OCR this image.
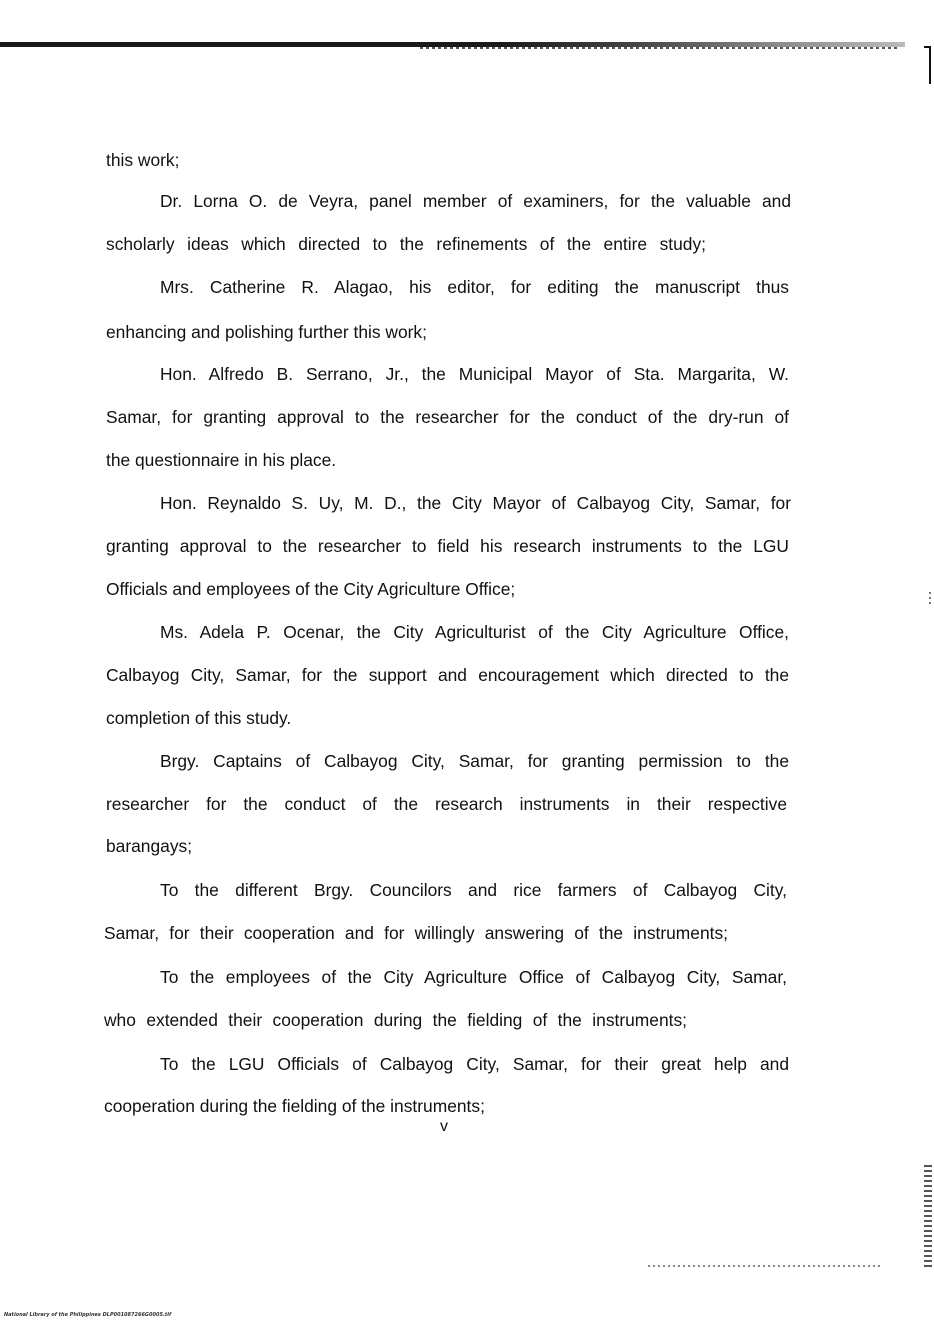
this work;

Dr. Lorna O. de Veyra, panel member of examiners, for the valuable and

scholarly ideas which directed to the refinements of the entire study;

Mrs. Catherine R. Alagao, his editor, for editing the manuscript thus

enhancing and polishing further this work;

Hon. Alfredo B. Serrano, Jr., the Municipal Mayor of Sta. Margarita, W.

Samar, for granting approval to the researcher for the conduct of the dry-run of

the questionnaire in his place.

Hon. Reynaldo S. Uy, M. D., the City Mayor of Calbayog City, Samar, for

granting approval to the researcher to field his research instruments to the LGU

Officials and employees of the City Agriculture Office;

Ms. Adela P. Ocenar, the City Agriculturist of the City Agriculture Office,

Calbayog City, Samar, for the support and encouragement which directed to the

completion of this study.

Brgy. Captains of Calbayog City, Samar, for granting permission to the

researcher for the conduct of the research instruments in their respective

barangays;

To the different Brgy. Councilors and rice farmers of Calbayog City,

Samar, for their cooperation and for willingly answering of the instruments;

To the employees of the City Agriculture Office of Calbayog City, Samar,

who extended their cooperation during the fielding of the instruments;

To the LGU Officials of Calbayog City, Samar, for their great help and

cooperation during the fielding of the instruments;

v
National Library of the Philippines DLP001087266G0005.tif
